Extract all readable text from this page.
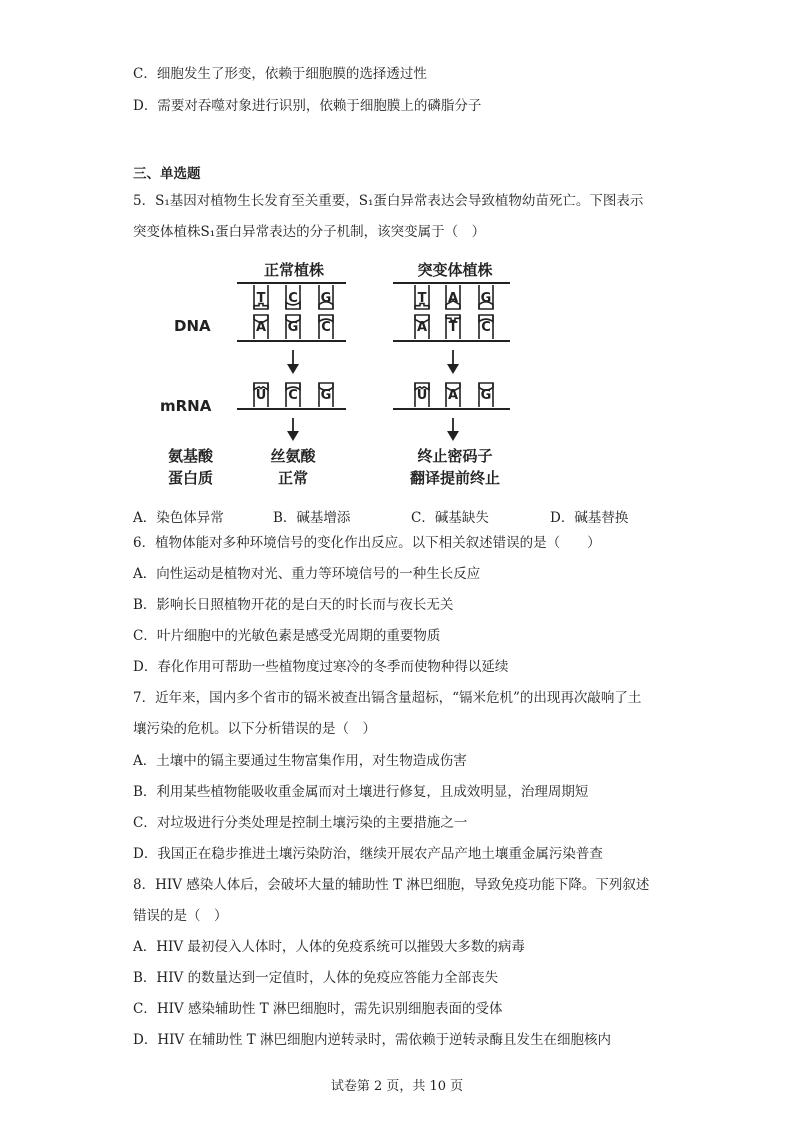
C．细胞发生了形变，依赖于细胞膜的选择透过性
D．需要对吞噬对象进行识别，依赖于细胞膜上的磷脂分子
三、单选题
5．S₁基因对植物生长发育至关重要，S₁蛋白异常表达会导致植物幼苗死亡。下图表示
突变体植株S₁蛋白异常表达的分子机制，该突变属于（　）
正常植株	突变体植株
DNA
mRNA
氨基酸
蛋白质
T C G
A G C
T A G
A T C
U C G	U A G
丝氨酸
正常
终止密码子
翻译提前终止
A．染色体异常	B．碱基增添	C．碱基缺失	D．碱基替换
6．植物体能对多种环境信号的变化作出反应。以下相关叙述错误的是（　　）
A．向性运动是植物对光、重力等环境信号的一种生长反应
B．影响长日照植物开花的是白天的时长而与夜长无关
C．叶片细胞中的光敏色素是感受光周期的重要物质
D．春化作用可帮助一些植物度过寒冷的冬季而使物种得以延续
7．近年来，国内多个省市的镉米被查出镉含量超标，“镉米危机”的出现再次敲响了土
壤污染的危机。以下分析错误的是（　）
A．土壤中的镉主要通过生物富集作用，对生物造成伤害
B．利用某些植物能吸收重金属而对土壤进行修复，且成效明显，治理周期短
C．对垃圾进行分类处理是控制土壤污染的主要措施之一
D．我国正在稳步推进土壤污染防治，继续开展农产品产地土壤重金属污染普查
8．HIV 感染人体后，会破坏大量的辅助性 T 淋巴细胞，导致免疫功能下降。下列叙述
错误的是（　）
A．HIV 最初侵入人体时，人体的免疫系统可以摧毁大多数的病毒
B．HIV 的数量达到一定值时，人体的免疫应答能力全部丧失
C．HIV 感染辅助性 T 淋巴细胞时，需先识别细胞表面的受体
D．HIV 在辅助性 T 淋巴细胞内逆转录时，需依赖于逆转录酶且发生在细胞核内
试卷第 2 页，共 10 页
